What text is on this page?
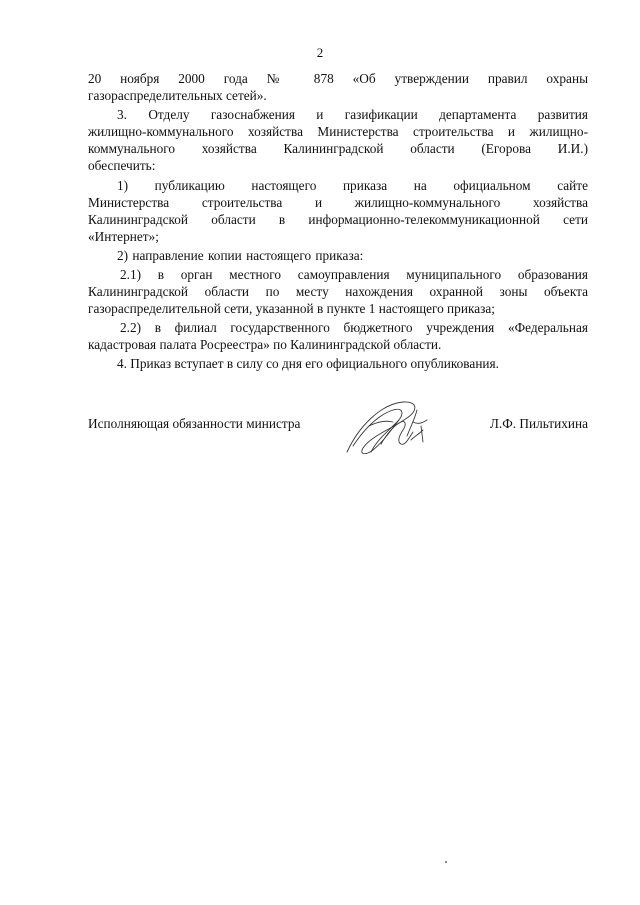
2
20 ноября 2000 года № 878 «Об утверждении правил охраны
газораспределительных сетей».
3. Отделу газоснабжения и газификации департамента развития
жилищно-коммунального хозяйства Министерства строительства и жилищно-
коммунального хозяйства Калининградской области (Егорова И.И.)
обеспечить:
1) публикацию настоящего приказа на официальном сайте
Министерства строительства и жилищно-коммунального хозяйства
Калининградской области в информационно-телекоммуникационной сети
«Интернет»;
2) направление копии настоящего приказа:
2.1) в орган местного самоуправления муниципального образования
Калининградской области по месту нахождения охранной зоны объекта
газораспределительной сети, указанной в пункте 1 настоящего приказа;
2.2) в филиал государственного бюджетного учреждения «Федеральная
кадастровая палата Росреестра» по Калининградской области.
4. Приказ вступает в силу со дня его официального опубликования.
Исполняющая обязанности министра	Л.Ф. Пильтихина
